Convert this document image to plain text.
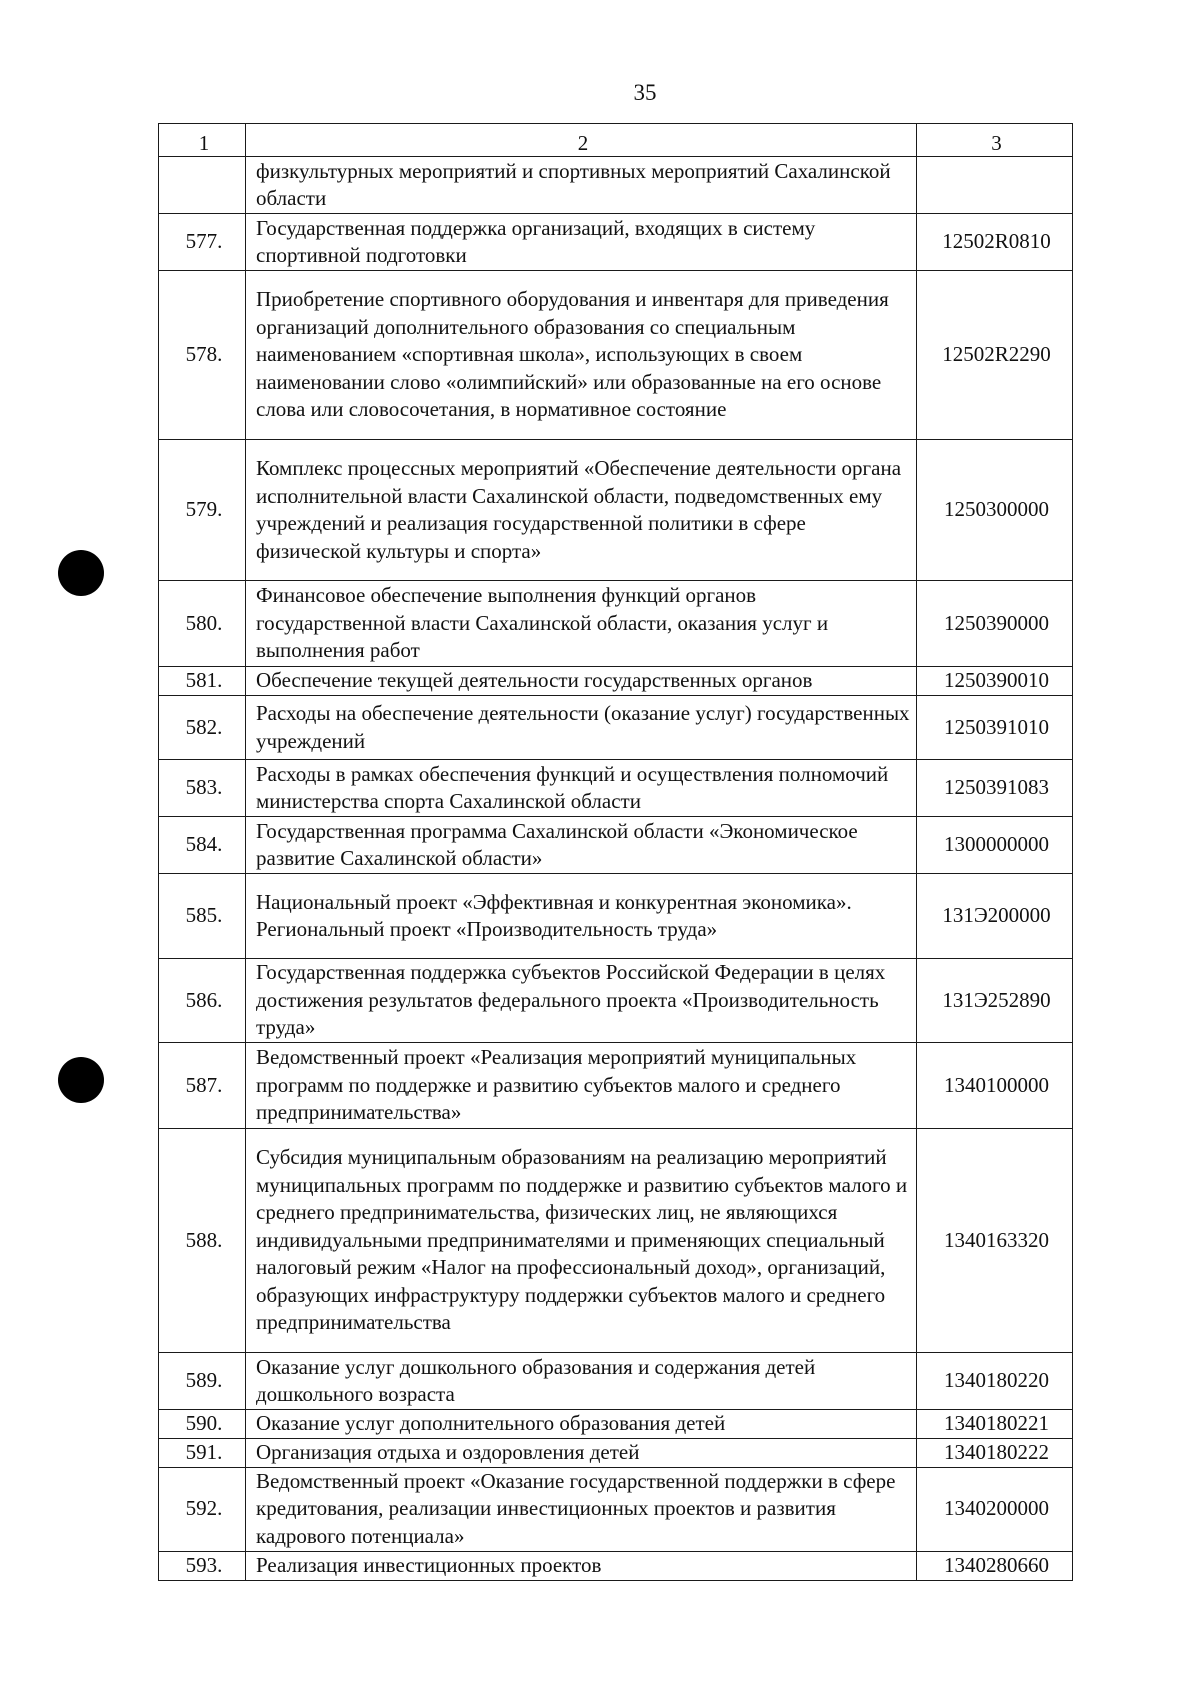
35
1	2	3
	физкультурных мероприятий и спортивных мероприятий Сахалинской области	
577.	Государственная поддержка организаций, входящих в систему спортивной подготовки	12502R0810
578.	Приобретение спортивного оборудования и инвентаря для приведения организаций дополнительного образования со специальным наименованием «спортивная школа», использующих в своем наименовании слово «олимпийский» или образованные на его основе слова или словосочетания, в нормативное состояние	12502R2290
579.	Комплекс процессных мероприятий «Обеспечение деятельности органа исполнительной власти Сахалинской области, подведомственных ему учреждений и реализация государственной политики в сфере физической культуры и спорта»	1250300000
580.	Финансовое обеспечение выполнения функций органов государственной власти Сахалинской области, оказания услуг и выполнения работ	1250390000
581.	Обеспечение текущей деятельности государственных органов	1250390010
582.	Расходы на обеспечение деятельности (оказание услуг) государственных учреждений	1250391010
583.	Расходы в рамках обеспечения функций и осуществления полномочий министерства спорта Сахалинской области	1250391083
584.	Государственная программа Сахалинской области «Экономическое развитие Сахалинской области»	1300000000
585.	Национальный проект «Эффективная и конкурентная экономика». Региональный проект «Производительность труда»	131Э200000
586.	Государственная поддержка субъектов Российской Федерации в целях достижения результатов федерального проекта «Производительность труда»	131Э252890
587.	Ведомственный проект «Реализация мероприятий муниципальных программ по поддержке и развитию субъектов малого и среднего предпринимательства»	1340100000
588.	Субсидия муниципальным образованиям на реализацию мероприятий муниципальных программ по поддержке и развитию субъектов малого и среднего предпринимательства, физических лиц, не являющихся индивидуальными предпринимателями и применяющих специальный налоговый режим «Налог на профессиональный доход», организаций, образующих инфраструктуру поддержки субъектов малого и среднего предпринимательства	1340163320
589.	Оказание услуг дошкольного образования и содержания детей дошкольного возраста	1340180220
590.	Оказание услуг дополнительного образования детей	1340180221
591.	Организация отдыха и оздоровления детей	1340180222
592.	Ведомственный проект «Оказание государственной поддержки в сфере кредитования, реализации инвестиционных проектов и развития кадрового потенциала»	1340200000
593.	Реализация инвестиционных проектов	1340280660
